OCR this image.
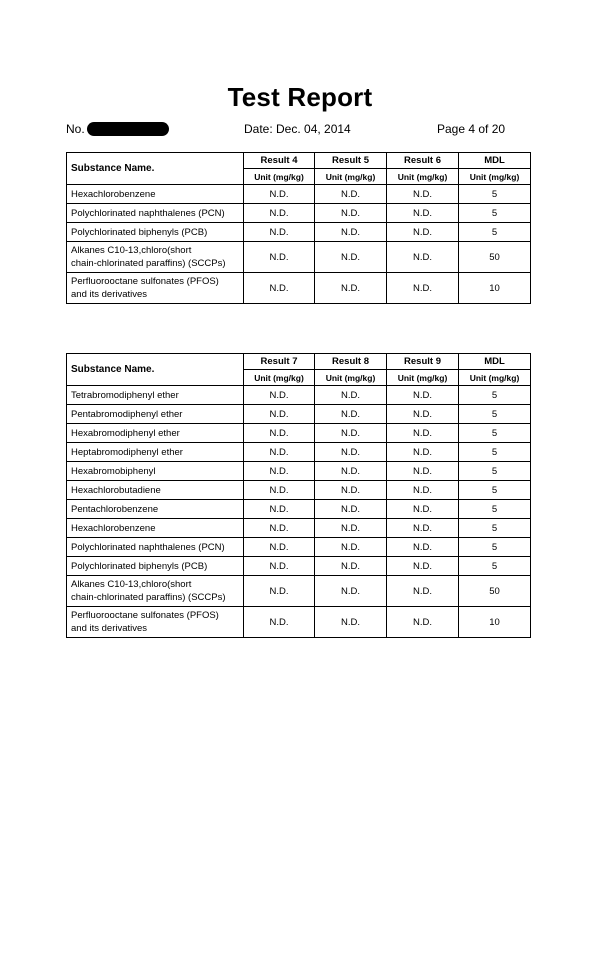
Test Report
No.	Date: Dec. 04, 2014	Page 4 of 20
Substance Name.	Result 4	Result 5	Result 6	MDL
	Unit (mg/kg)	Unit (mg/kg)	Unit (mg/kg)	Unit (mg/kg)
Hexachlorobenzene	N.D.	N.D.	N.D.	5
Polychlorinated naphthalenes (PCN)	N.D.	N.D.	N.D.	5
Polychlorinated biphenyls (PCB)	N.D.	N.D.	N.D.	5

Alkanes C10-13,chloro(short
chain-chlorinated paraffins) (SCCPs)	N.D.	N.D.	N.D.	50

Perfluorooctane sulfonates (PFOS)
and its derivatives	N.D.	N.D.	N.D.	10
Substance Name.	Result 7	Result 8	Result 9	MDL
	Unit (mg/kg)	Unit (mg/kg)	Unit (mg/kg)	Unit (mg/kg)
Tetrabromodiphenyl ether	N.D.	N.D.	N.D.	5
Pentabromodiphenyl ether	N.D.	N.D.	N.D.	5
Hexabromodiphenyl ether	N.D.	N.D.	N.D.	5
Heptabromodiphenyl ether	N.D.	N.D.	N.D.	5
Hexabromobiphenyl	N.D.	N.D.	N.D.	5
Hexachlorobutadiene	N.D.	N.D.	N.D.	5
Pentachlorobenzene	N.D.	N.D.	N.D.	5
Hexachlorobenzene	N.D.	N.D.	N.D.	5
Polychlorinated naphthalenes (PCN)	N.D.	N.D.	N.D.	5
Polychlorinated biphenyls (PCB)	N.D.	N.D.	N.D.	5

Alkanes C10-13,chloro(short
chain-chlorinated paraffins) (SCCPs)	N.D.	N.D.	N.D.	50

Perfluorooctane sulfonates (PFOS)
and its derivatives	N.D.	N.D.	N.D.	10
